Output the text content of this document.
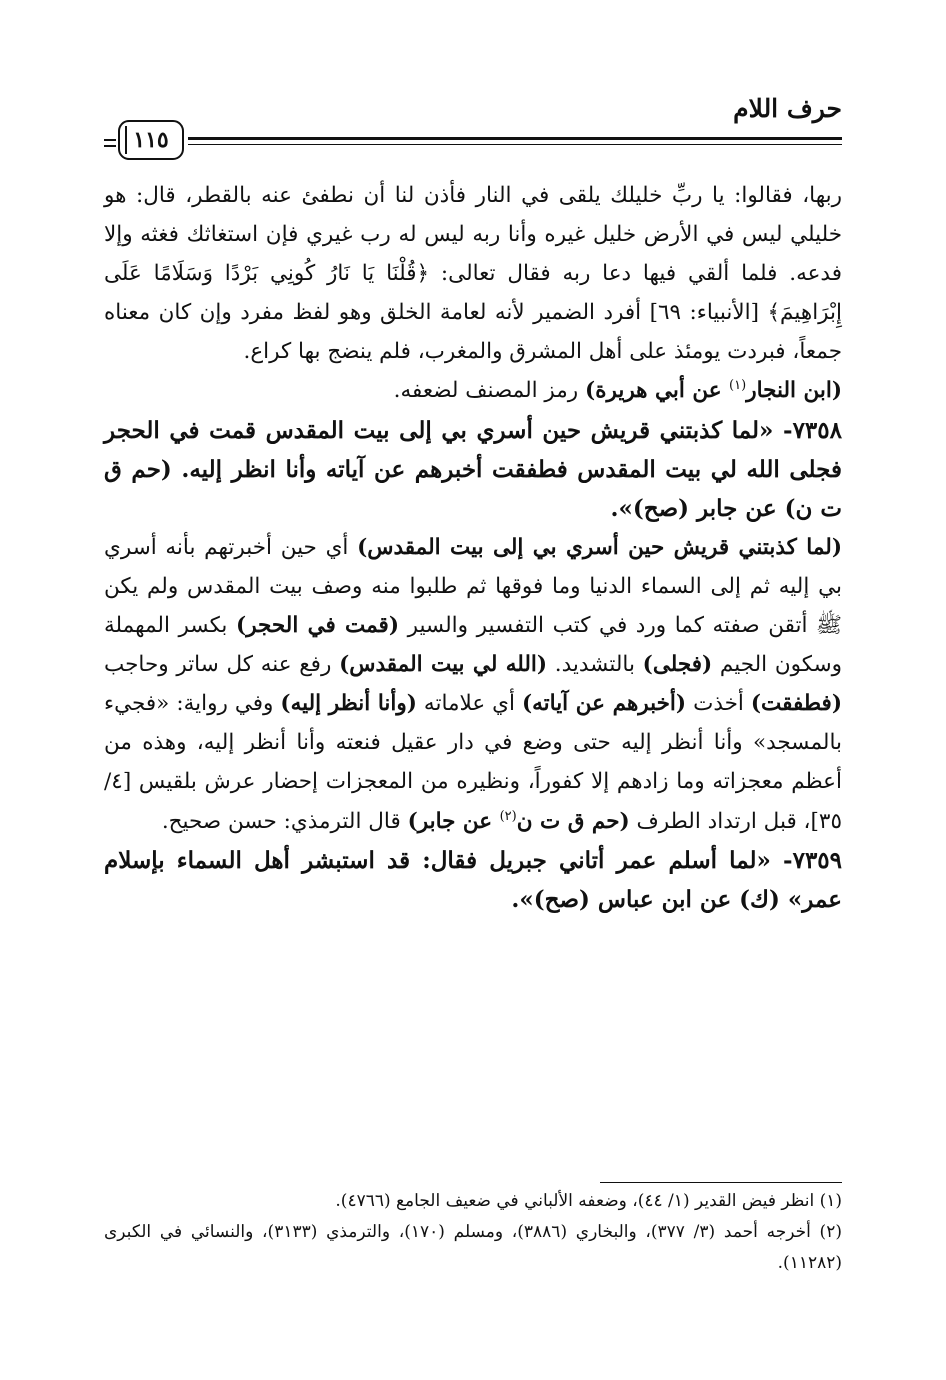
حرف اللام
١١٥

ربها، فقالوا: يا ربِّ خليلك يلقى في النار فأذن لنا أن نطفئ عنه بالقطر، قال: هو خليلي ليس في الأرض خليل غيره وأنا ربه ليس له رب غيري فإن استغاثك فغثه وإلا فدعه. فلما ألقي فيها دعا ربه فقال تعالى: ﴿قُلْنَا يَا نَارُ كُونِي بَرْدًا وَسَلَامًا عَلَى إِبْرَاهِيمَ﴾ [الأنبياء: ٦٩] أفرد الضمير لأنه لعامة الخلق وهو لفظ مفرد وإن كان معناه جمعاً، فبردت يومئذ على أهل المشرق والمغرب، فلم ينضج بها كراع.

(ابن النجار$^{(١)}$ عن أبي هريرة) رمز المصنف لضعفه.

٧٣٥٨- «لما كذبتني قريش حين أسري بي إلى بيت المقدس قمت في الحجر فجلى الله لي بيت المقدس فطفقت أخبرهم عن آياته وأنا انظر إليه. (حم ق ت ن) عن جابر (صح)».

(لما كذبتني قريش حين أسري بي إلى بيت المقدس) أي حين أخبرتهم بأنه أسري بي إليه ثم إلى السماء الدنيا وما فوقها ثم طلبوا منه وصف بيت المقدس ولم يكن ﷺ أتقن صفته كما ورد في كتب التفسير والسير (قمت في الحجر) بكسر المهملة وسكون الجيم (فجلى) بالتشديد. (الله لي بيت المقدس) رفع عنه كل ساتر وحاجب (فطفقت) أخذت (أخبرهم عن آياته) أي علاماته (وأنا أنظر إليه) وفي رواية: «فجيء بالمسجد» وأنا أنظر إليه حتى وضع في دار عقيل فنعته وأنا أنظر إليه، وهذه من أعظم معجزاته وما زادهم إلا كفوراً، ونظيره من المعجزات إحضار عرش بلقيس [٤/ ٣٥]، قبل ارتداد الطرف (حم ق ت ن$^{(٢)}$ عن جابر) قال الترمذي: حسن صحيح.

٧٣٥٩- «لما أسلم عمر أتاني جبريل فقال: قد استبشر أهل السماء بإسلام عمر» (ك) عن ابن عباس (صح)».

(١) انظر فيض القدير (١/ ٤٤)، وضعفه الألباني في ضعيف الجامع (٤٧٦٦).

(٢) أخرجه أحمد (٣/ ٣٧٧)، والبخاري (٣٨٨٦)، ومسلم (١٧٠)، والترمذي (٣١٣٣)، والنسائي في الكبرى (١١٢٨٢).
